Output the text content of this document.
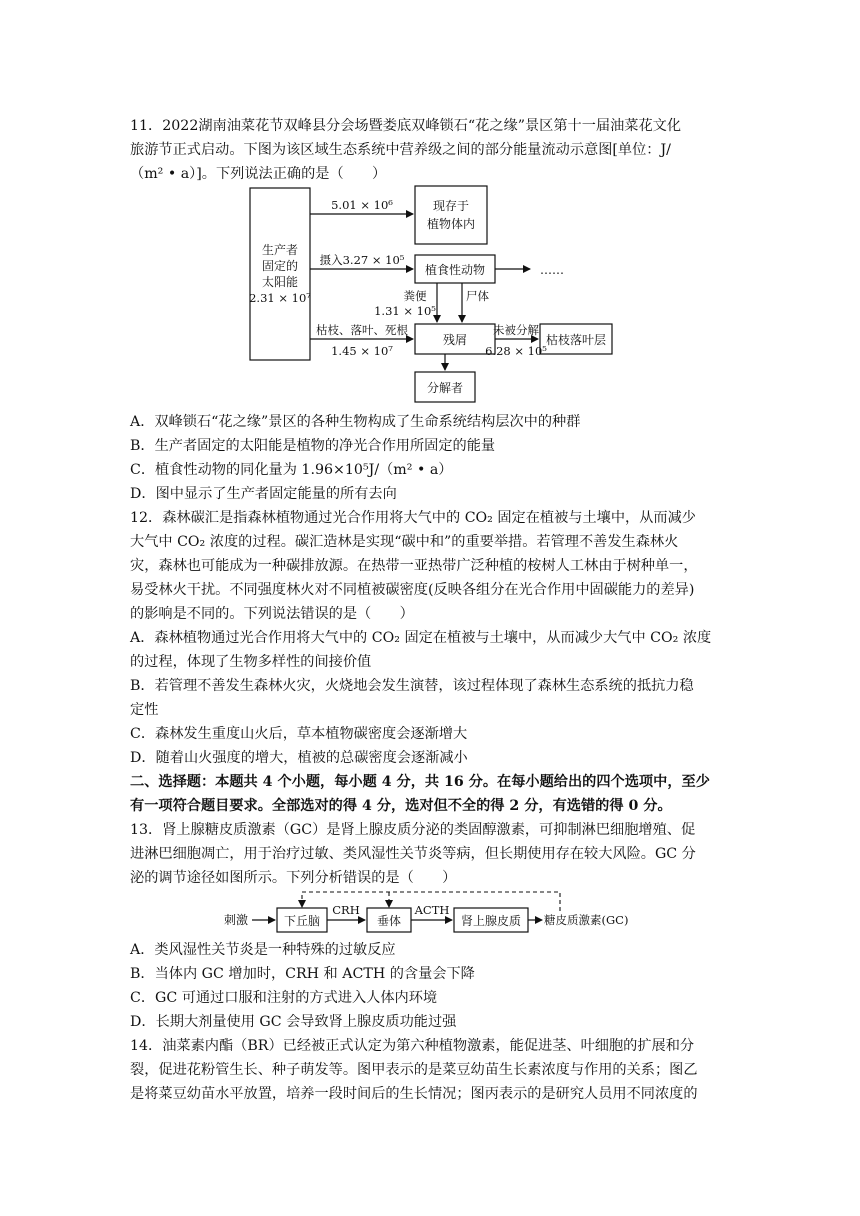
11．2022湖南油菜花节双峰县分会场暨娄底双峰锁石“花之缘”景区第十一届油菜花文化
旅游节正式启动。下图为该区域生态系统中营养级之间的部分能量流动示意图[单位：J/
（m² • a）]。下列说法正确的是（　　）
生产者
固定的
太阳能
2.31 × 10⁷
现存于
植物体内
植食性动物
残屑
分解者
枯枝落叶层
……
5.01 × 10⁶
摄入3.27 × 10⁵
粪便
1.31 × 10⁵
尸体
枯枝、落叶、死根
1.45 × 10⁷
未被分解
6.28 × 10⁵
A．双峰锁石“花之缘”景区的各种生物构成了生命系统结构层次中的种群
B．生产者固定的太阳能是植物的净光合作用所固定的能量
C．植食性动物的同化量为 1.96×10⁵J/（m² • a）
D．图中显示了生产者固定能量的所有去向
12．森林碳汇是指森林植物通过光合作用将大气中的 CO₂ 固定在植被与土壤中，从而减少
大气中 CO₂ 浓度的过程。碳汇造林是实现“碳中和”的重要举措。若管理不善发生森林火
灾，森林也可能成为一种碳排放源。在热带一亚热带广泛种植的桉树人工林由于树种单一，
易受林火干扰。不同强度林火对不同植被碳密度(反映各组分在光合作用中固碳能力的差异)
的影响是不同的。下列说法错误的是（　　）
A．森林植物通过光合作用将大气中的 CO₂ 固定在植被与土壤中，从而减少大气中 CO₂ 浓度
的过程，体现了生物多样性的间接价值
B．若管理不善发生森林火灾，火烧地会发生演替，该过程体现了森林生态系统的抵抗力稳
定性
C．森林发生重度山火后，草本植物碳密度会逐渐增大
D．随着山火强度的增大，植被的总碳密度会逐渐减小
二、选择题：本题共 4 个小题，每小题 4 分，共 16 分。在每小题给出的四个选项中，至少
有一项符合题目要求。全部选对的得 4 分，选对但不全的得 2 分，有选错的得 0 分。
13．肾上腺糖皮质激素（GC）是肾上腺皮质分泌的类固醇激素，可抑制淋巴细胞增殖、促
进淋巴细胞凋亡，用于治疗过敏、类风湿性关节炎等病，但长期使用存在较大风险。GC 分
泌的调节途径如图所示。下列分析错误的是（　　）
刺激	下丘脑
CRH
垂体
ACTH
肾上腺皮质 糖皮质激素(GC)
A．类风湿性关节炎是一种特殊的过敏反应
B．当体内 GC 增加时，CRH 和 ACTH 的含量会下降
C．GC 可通过口服和注射的方式进入人体内环境
D．长期大剂量使用 GC 会导致肾上腺皮质功能过强
14．油菜素内酯（BR）已经被正式认定为第六种植物激素，能促进茎、叶细胞的扩展和分
裂，促进花粉管生长、种子萌发等。图甲表示的是菜豆幼苗生长素浓度与作用的关系；图乙
是将菜豆幼苗水平放置，培养一段时间后的生长情况；图丙表示的是研究人员用不同浓度的
